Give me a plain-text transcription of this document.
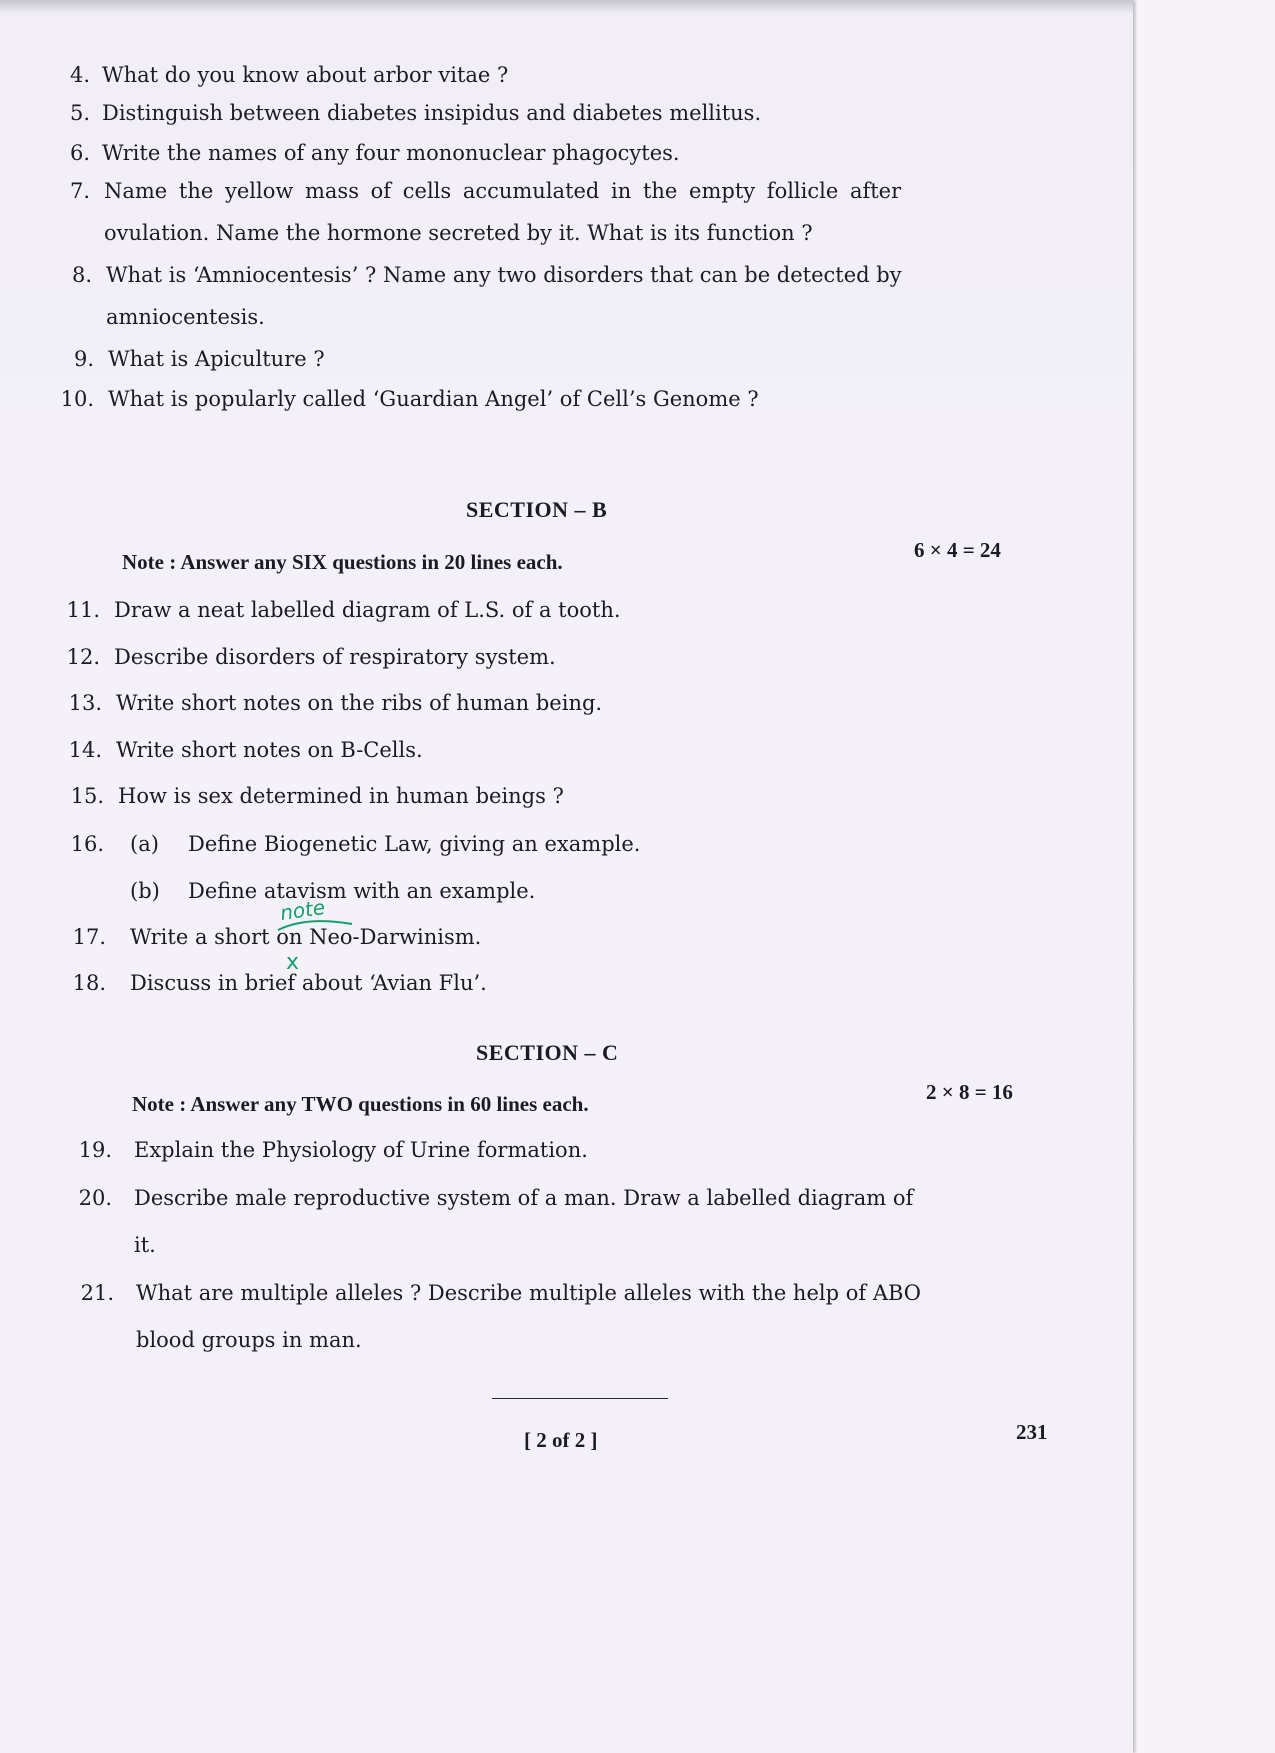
4. What do you know about arbor vitae ?
5. Distinguish between diabetes insipidus and diabetes mellitus.
6. Write the names of any four mononuclear phagocytes.
7. Name the yellow mass of cells accumulated in the empty follicle after
ovulation. Name the hormone secreted by it. What is its function ?
8. What is ‘Amniocentesis’ ? Name any two disorders that can be detected by
amniocentesis.
9. What is Apiculture ?
10. What is popularly called ‘Guardian Angel’ of Cell’s Genome ?
SECTION – B
Note : Answer any SIX questions in 20 lines each.	6 × 4 = 24
11. Draw a neat labelled diagram of L.S. of a tooth.
12. Describe disorders of respiratory system.
13. Write short notes on the ribs of human being.
14. Write short notes on B-Cells.
15. How is sex determined in human beings ?
16. (a) Define Biogenetic Law, giving an example.
(b) Define atavism with an example.
17. Write a short on Neo-Darwinism.
18. Discuss in brief about ‘Avian Flu’.
note
x
SECTION – C
Note : Answer any TWO questions in 60 lines each.	2 × 8 = 16
19. Explain the Physiology of Urine formation.
20. Describe male reproductive system of a man. Draw a labelled diagram of
it.
21. What are multiple alleles ? Describe multiple alleles with the help of ABO
blood groups in man.
[ 2 of 2 ]	231
